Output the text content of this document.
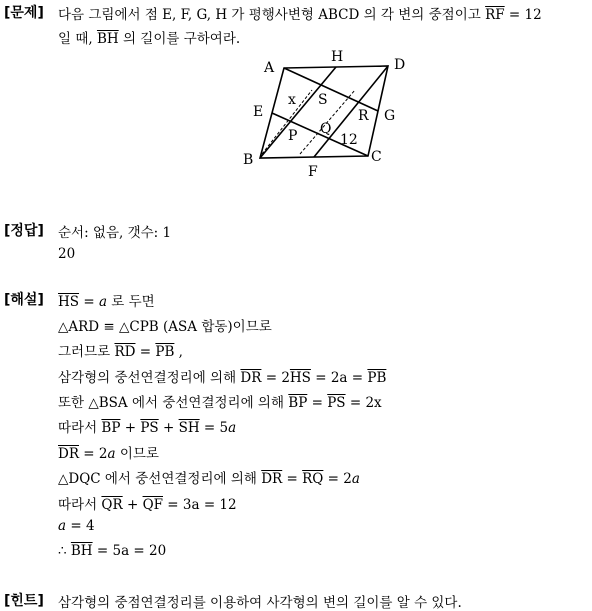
[문제] 다음 그림에서 점 E, F, G, H 가 평행사변형 ABCD 의 각 변의 중점이고 $\overline{RF} = 12$
일 때, $\overline{BH}$ 의 길이를 구하여라.
A
H	D
E
S
R G
Q
P
B
F
C
x
12
[정답] 순서: 없음, 갯수: 1
20
[해설] $\overline{HS} = a$ 로 두면
△ARD ≡ △CPB (ASA 합동)이므로
그러므로 $\overline{RD} = \overline{PB}$ ,
삼각형의 중선연결정리에 의해 $\overline{DR} = 2\overline{HS} = 2a = \overline{PB}$
또한 △BSA 에서 중선연결정리에 의해 $\overline{BP} = \overline{PS} = 2x$
따라서 $\overline{BP} + \overline{PS} + \overline{SH} = 5a$
$\overline{DR} = 2a$ 이므로
△DQC 에서 중선연결정리에 의해 $\overline{DR} = \overline{RQ} = 2a$
따라서 $\overline{QR} + \overline{QF} = 3a = 12$
a = 4
∴ $\overline{BH} = 5a = 20$
[힌트] 삼각형의 중점연결정리를 이용하여 사각형의 변의 길이를 알 수 있다.
